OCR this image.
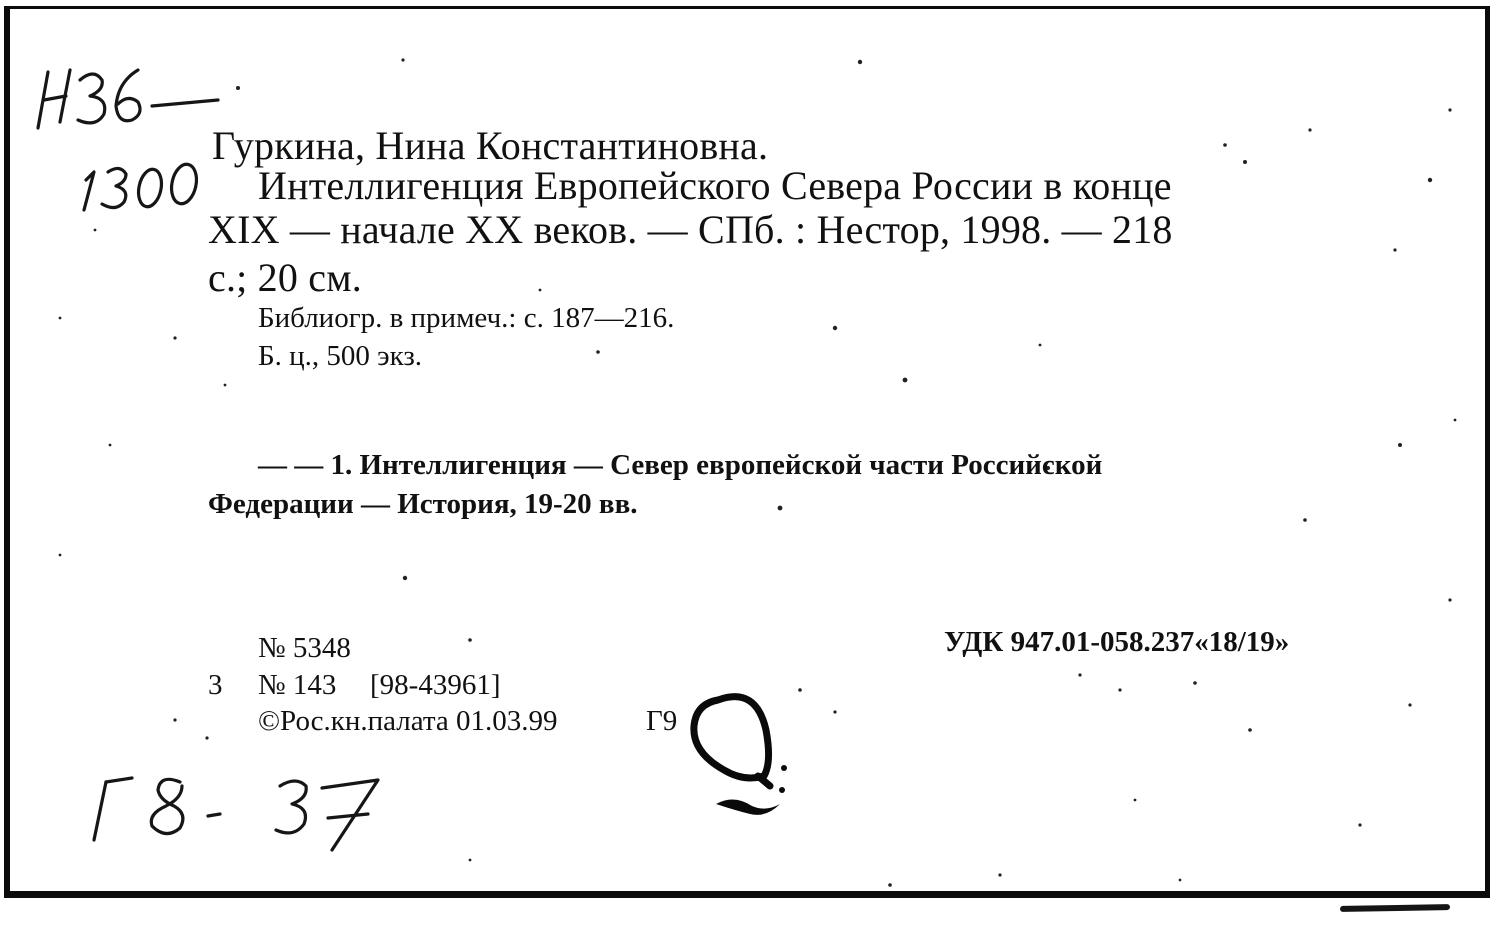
Гуркина, Нина Константиновна.
Интеллигенция Европейского Севера России в конце
XIX — начале XX веков. — СПб. : Нестор, 1998. — 218
с.; 20 см.
Библиогр. в примеч.: с. 187—216.
Б. ц., 500 экз.
— — 1. Интеллигенция — Север европейской части Российской
Федерации — История, 19-20 вв.
№ 5348	УДК 947.01-058.237«18/19»
3 № 143 [98-43961]
©Рос.кн.палата 01.03.99	Г9
